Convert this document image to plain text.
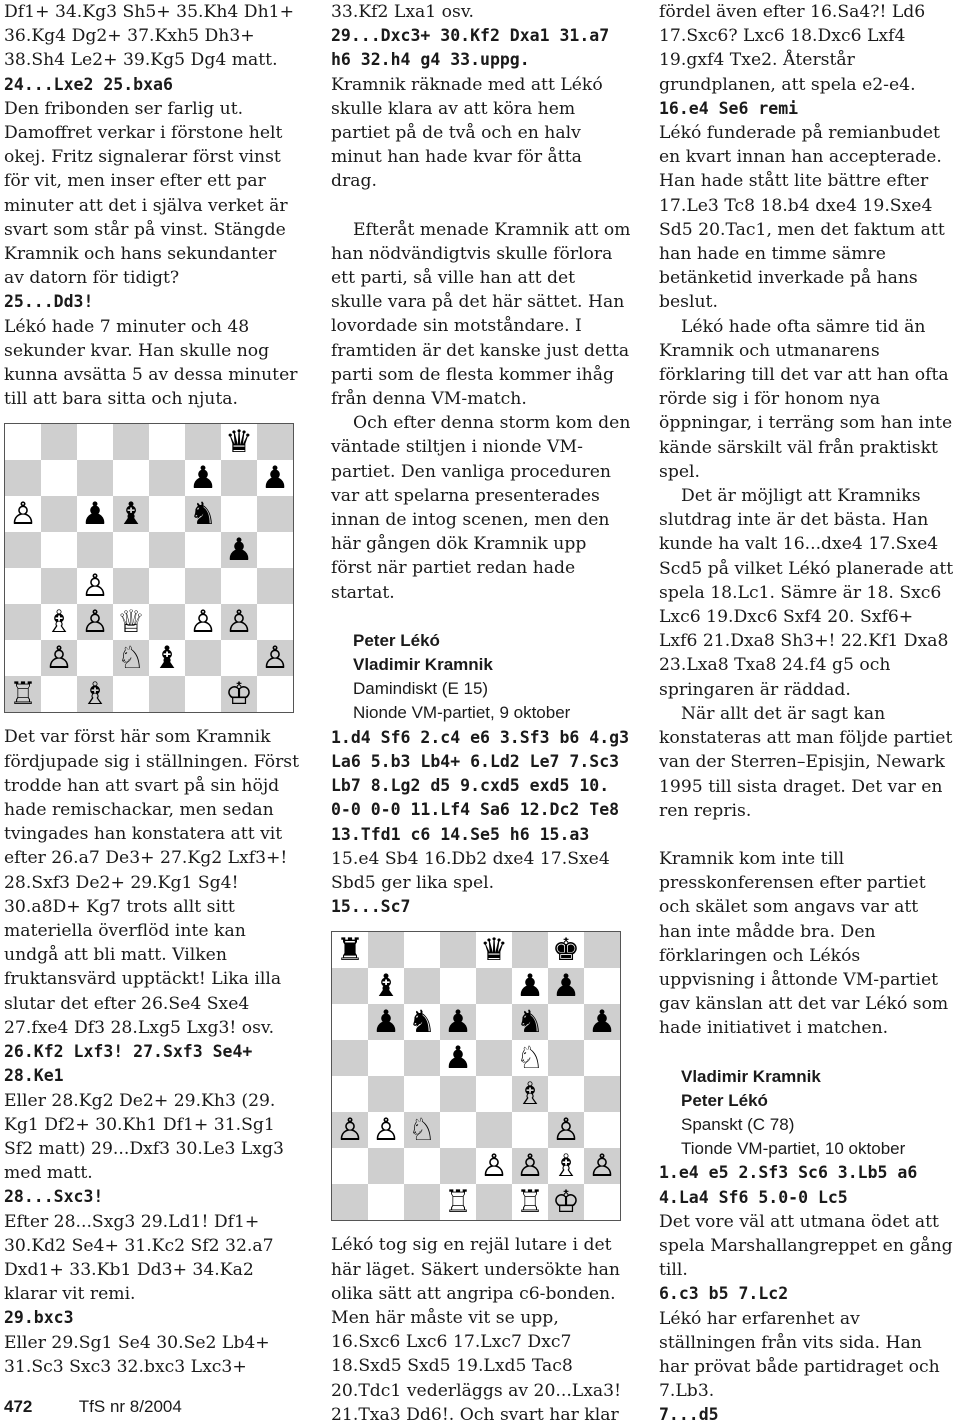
Df1+ 34.Kg3 Sh5+ 35.Kh4 Dh1+ 36.Kg4 Dg2+ 37.Kxh5 Dh3+ 38.Sh4 Le2+ 39.Kg5 Dg4 matt.

24...Lxe2 25.bxa6

Den fribonden ser farlig ut. Damoffret verkar i förstone helt okej. Fritz signalerar först vinst för vit, men inser efter ett par minuter att det i själva verket är svart som står på vinst. Stängde Kramnik och hans sekundanter av datorn för tidigt?

25...Dd3!

Lékó hade 7 minuter och 48 sekunder kvar. Han skulle nog kunna avsätta 5 av dessa minuter till att bara sitta och njuta.

♛
♟ ♟
♙ ♟ ♝ ♞
♟
♙
♗ ♙ ♕ ♙ ♙
♙ ♘ ♝	♙
♖ ♗	♔

Det var först här som Kramnik fördjupade sig i ställningen. Först trodde han att svart på sin höjd hade remischackar, men sedan tvingades han konstatera att vit efter 26.a7 De3+ 27.Kg2 Lxf3+! 28.Sxf3 De2+ 29.Kg1 Sg4! 30.a8D+ Kg7 trots allt sitt materiella överflöd inte kan undgå att bli matt. Vilken fruktansvärd upptäckt! Lika illa slutar det efter 26.Se4 Sxe4 27.fxe4 Df3 28.Lxg5 Lxg3! osv.

26.Kf2 Lxf3! 27.Sxf3 Se4+ 28.Ke1

Eller 28.Kg2 De2+ 29.Kh3 (29. Kg1 Df2+ 30.Kh1 Df1+ 31.Sg1 Sf2 matt) 29...Dxf3 30.Le3 Lxg3 med matt.

28...Sxc3!

Efter 28...Sxg3 29.Ld1! Df1+ 30.Kd2 Se4+ 31.Kc2 Sf2 32.a7 Dxd1+ 33.Kb1 Dd3+ 34.Ka2 klarar vit remi.

29.bxc3

Eller 29.Sg1 Se4 30.Se2 Lb4+ 31.Sc3 Sxc3 32.bxc3 Lxc3+

33.Kf2 Lxa1 osv.

29...Dxc3+ 30.Kf2 Dxa1 31.a7 h6 32.h4 g4 33.uppg.

Kramnik räknade med att Lékó skulle klara av att köra hem partiet på de två och en halv minut han hade kvar för åtta drag.

Efteråt menade Kramnik att om han nödvändigtvis skulle förlora ett parti, så ville han att det skulle vara på det här sättet. Han lovordade sin motståndare. I framtiden är det kanske just detta parti som de flesta kommer ihåg från denna VM-match.

Och efter denna storm kom den väntade stiltjen i nionde VM-partiet. Den vanliga proceduren var att spelarna presenterades innan de intog scenen, men den här gången dök Kramnik upp först när partiet redan hade startat.

Peter Lékó

Vladimir Kramnik

Damindiskt (E 15)

Nionde VM-partiet, 9 oktober

1.d4 Sf6 2.c4 e6 3.Sf3 b6 4.g3 La6 5.b3 Lb4+ 6.Ld2 Le7 7.Sc3 Lb7 8.Lg2 d5 9.cxd5 exd5 10. 0-0 0-0 11.Lf4 Sa6 12.Dc2 Te8 13.Tfd1 c6 14.Se5 h6 15.a3

15.e4 Sb4 16.Db2 dxe4 17.Sxe4 Sbd5 ger lika spel.

15...Sc7

♜	♛ ♚
♝	♟ ♟
♟ ♞ ♟ ♞ ♟
♟ ♘
♗
♙ ♙ ♘	♙
♙ ♙ ♗ ♙
♖ ♖ ♔

Lékó tog sig en rejäl lutare i det här läget. Säkert undersökte han olika sätt att angripa c6-bonden. Men här måste vit se upp, 16.Sxc6 Lxc6 17.Lxc7 Dxc7 18.Sxd5 Sxd5 19.Lxd5 Tac8 20.Tdc1 vederläggs av 20...Lxa3! 21.Txa3 Dd6!. Och svart har klar

fördel även efter 16.Sa4?! Ld6 17.Sxc6? Lxc6 18.Dxc6 Lxf4 19.gxf4 Txe2. Återstår grundplanen, att spela e2-e4.

16.e4 Se6 remi

Lékó funderade på remianbudet en kvart innan han accepterade. Han hade stått lite bättre efter 17.Le3 Tc8 18.b4 dxe4 19.Sxe4 Sd5 20.Tac1, men det faktum att han hade en timme sämre betänketid inverkade på hans beslut.

Lékó hade ofta sämre tid än Kramnik och utmanarens förklaring till det var att han ofta rörde sig i för honom nya öppningar, i terräng som han inte kände särskilt väl från praktiskt spel.

Det är möjligt att Kramniks slutdrag inte är det bästa. Han kunde ha valt 16...dxe4 17.Sxe4 Scd5 på vilket Lékó planerade att spela 18.Lc1. Sämre är 18. Sxc6 Lxc6 19.Dxc6 Sxf4 20. Sxf6+ Lxf6 21.Dxa8 Sh3+! 22.Kf1 Dxa8 23.Lxa8 Txa8 24.f4 g5 och springaren är räddad.

När allt det är sagt kan konstateras att man följde partiet van der Sterren–Episjin, Newark 1995 till sista draget. Det var en ren repris.

Kramnik kom inte till presskonferensen efter partiet och skälet som angavs var att han inte mådde bra. Den förklaringen och Lékós uppvisning i åttonde VM-partiet gav känslan att det var Lékó som hade initiativet i matchen.

Vladimir Kramnik

Peter Lékó

Spanskt (C 78)

Tionde VM-partiet, 10 oktober

1.e4 e5 2.Sf3 Sc6 3.Lb5 a6 4.La4 Sf6 5.0-0 Lc5

Det vore väl att utmana ödet att spela Marshallangreppet en gång till.

6.c3 b5 7.Lc2

Lékó har erfarenhet av ställningen från vits sida. Han har prövat både partidraget och 7.Lb3.

7...d5

472	TfS nr 8/2004
